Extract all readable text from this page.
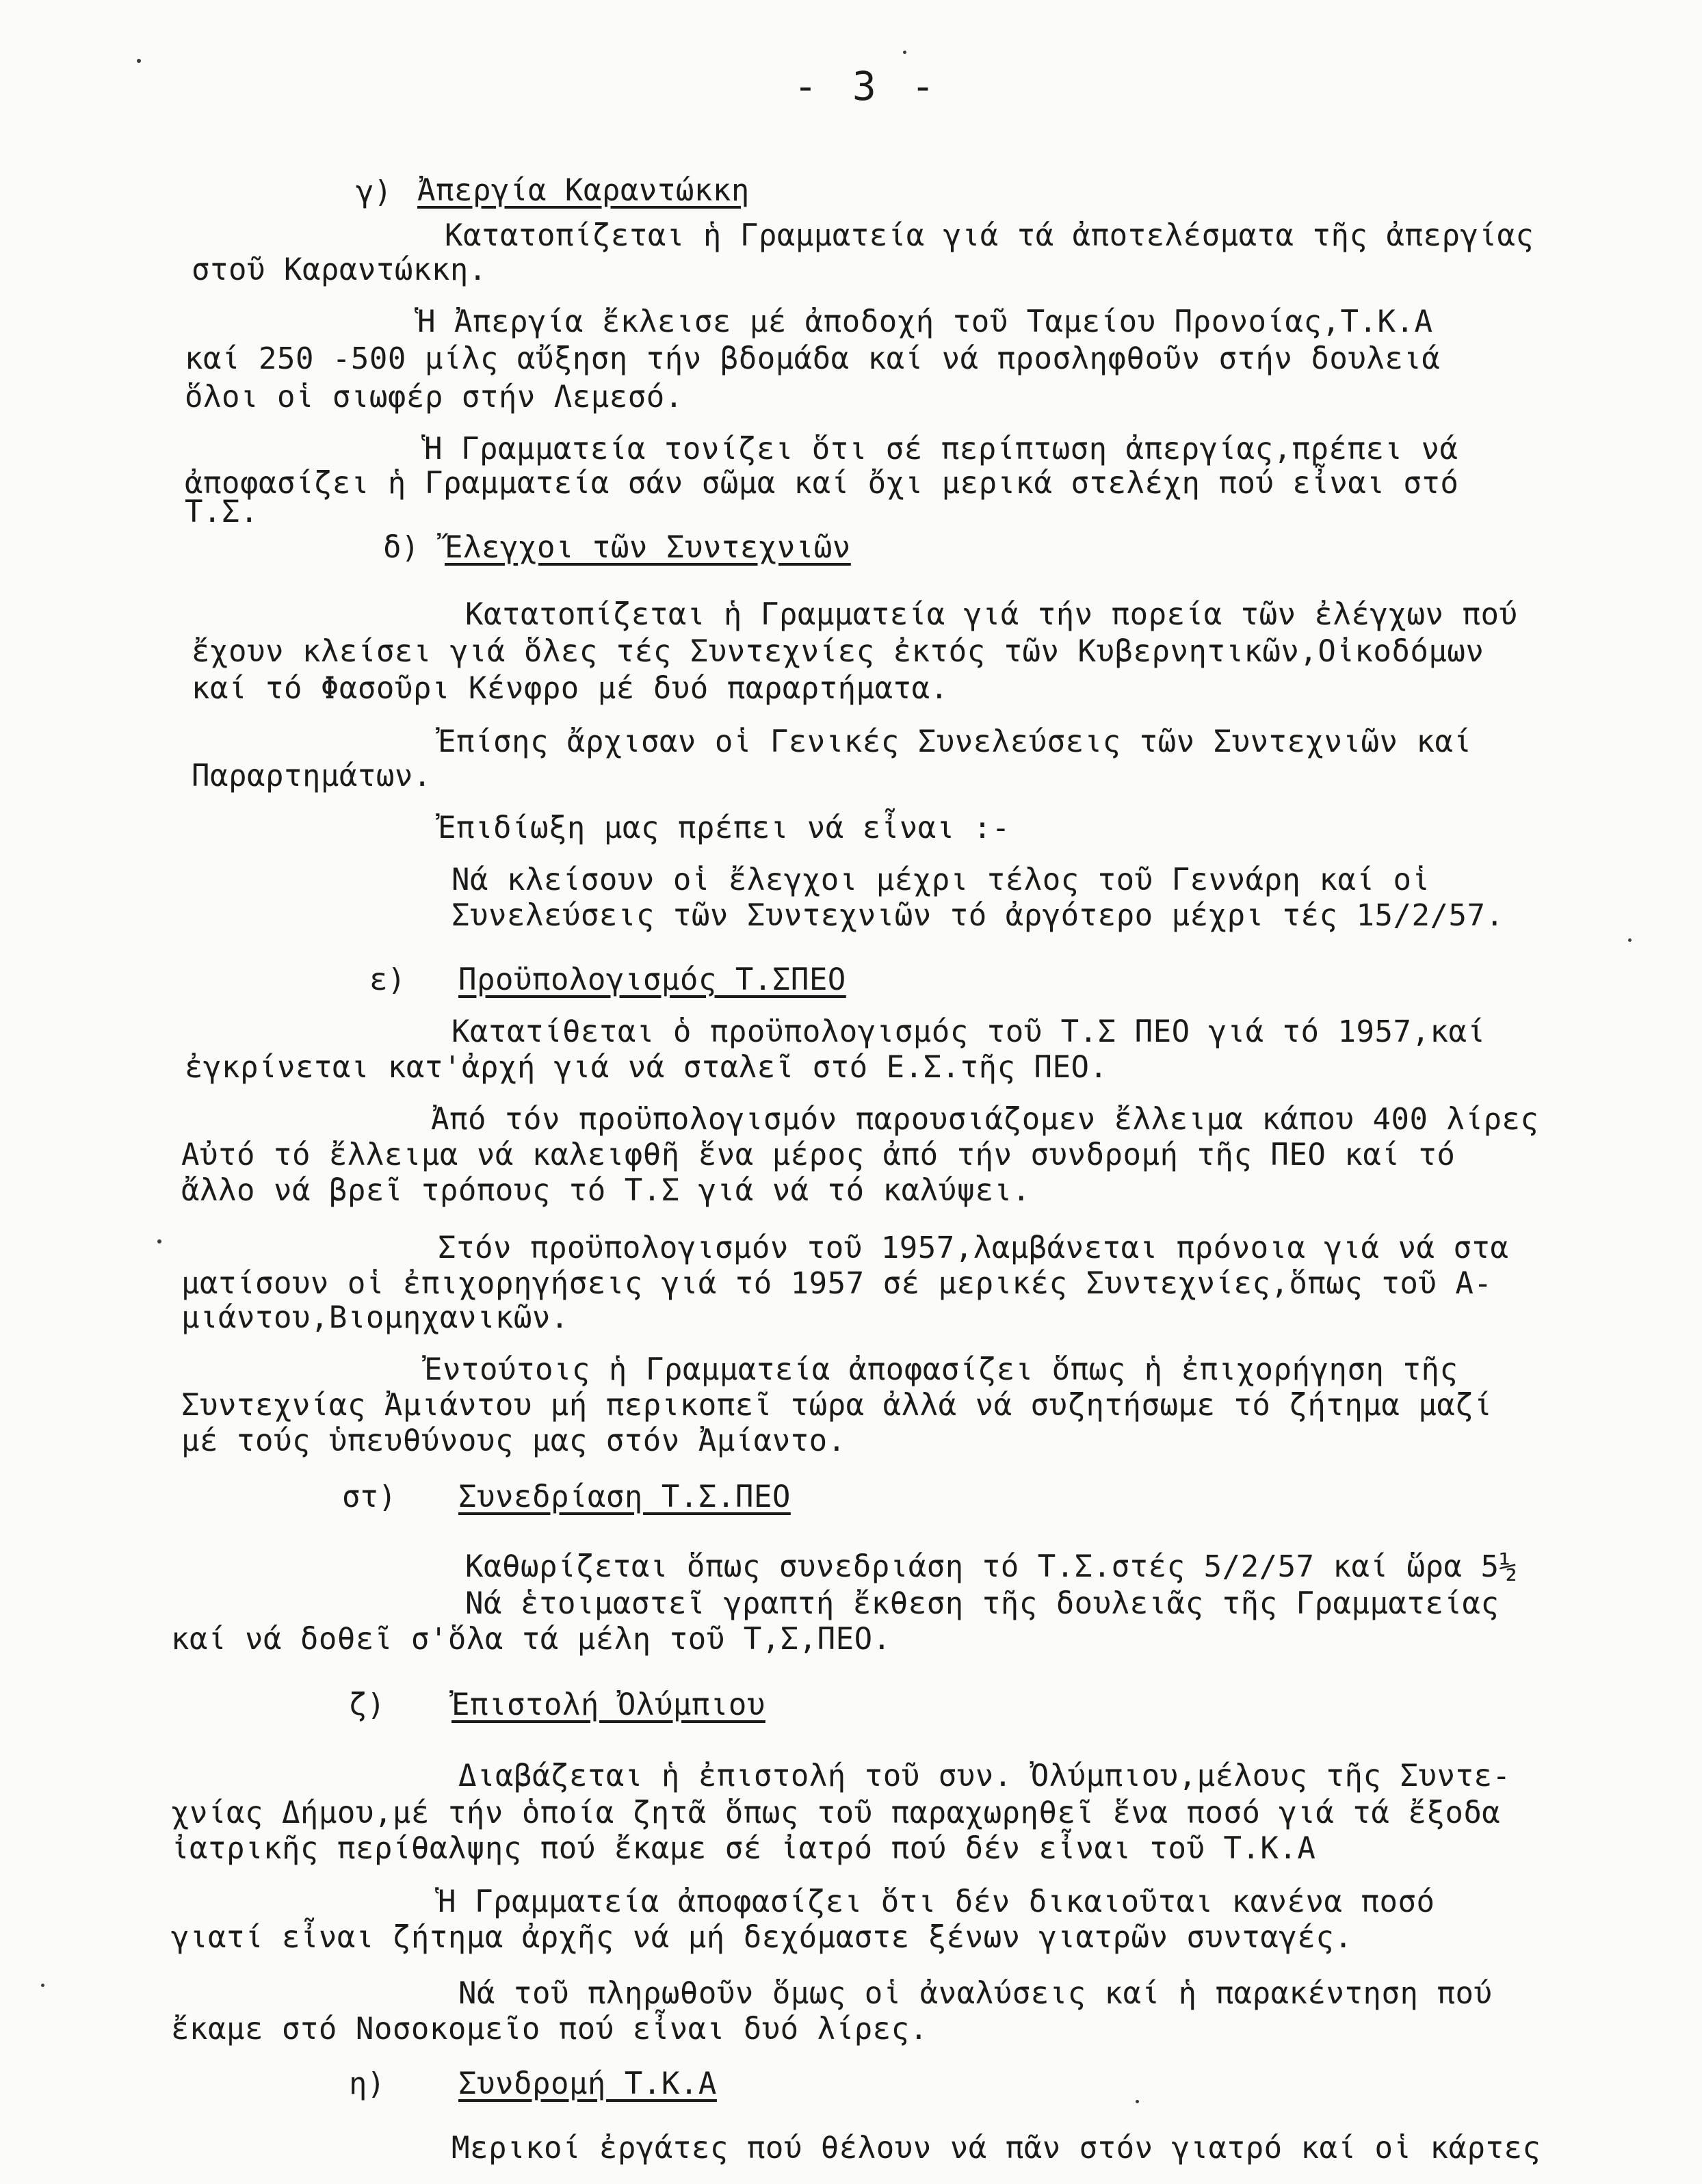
- 3 -
γ) Ἀπεργία Καραντώκκη
Κατατοπίζεται ἡ Γραμματεία γιά τά ἀποτελέσματα τῆς ἀπεργίας
στοῦ Καραντώκκη.
Ἡ Ἀπεργία ἔκλεισε μέ ἀποδοχή τοῦ Ταμείου Προνοίας,Τ.Κ.Α
καί 250 -500 μίλς αὔξηση τήν βδομάδα καί νά προσληφθοῦν στήν δουλειά
ὅλοι οἱ σιωφέρ στήν Λεμεσό.
Ἡ Γραμματεία τονίζει ὅτι σέ περίπτωση ἀπεργίας,πρέπει νά
ἀποφασίζει ἡ Γραμματεία σάν σῶμα καί ὄχι μερικά στελέχη πού εἶναι στό
Τ.Σ.
δ) Ἔλεγχοι τῶν Συντεχνιῶν
Κατατοπίζεται ἡ Γραμματεία γιά τήν πορεία τῶν ἐλέγχων πού
ἔχουν κλείσει γιά ὅλες τές Συντεχνίες ἐκτός τῶν Κυβερνητικῶν,Οἰκοδόμων
καί τό Φασοῦρι Κένφρο μέ δυό παραρτήματα.
Ἐπίσης ἄρχισαν οἱ Γενικές Συνελεύσεις τῶν Συντεχνιῶν καί
Παραρτημάτων.
Ἐπιδίωξη μας πρέπει νά εἶναι :-
Νά κλείσουν οἱ ἔλεγχοι μέχρι τέλος τοῦ Γεννάρη καί οἱ
Συνελεύσεις τῶν Συντεχνιῶν τό ἀργότερο μέχρι τές 15/2/57.
ε) Προϋπολογισμός Τ.ΣΠΕΟ
Κατατίθεται ὁ προϋπολογισμός τοῦ Τ.Σ ΠΕΟ γιά τό 1957,καί
ἐγκρίνεται κατ'ἀρχή γιά νά σταλεῖ στό Ε.Σ.τῆς ΠΕΟ.
Ἀπό τόν προϋπολογισμόν παρουσιάζομεν ἔλλειμα κάπου 400 λίρες
Αὐτό τό ἔλλειμα νά καλειφθῆ ἕνα μέρος ἀπό τήν συνδρομή τῆς ΠΕΟ καί τό
ἄλλο νά βρεῖ τρόπους τό Τ.Σ γιά νά τό καλύψει.
Στόν προϋπολογισμόν τοῦ 1957,λαμβάνεται πρόνοια γιά νά στα
ματίσουν οἱ ἐπιχορηγήσεις γιά τό 1957 σέ μερικές Συντεχνίες,ὅπως τοῦ Α-
μιάντου,Βιομηχανικῶν.
Ἐντούτοις ἡ Γραμματεία ἀποφασίζει ὅπως ἡ ἐπιχορήγηση τῆς
Συντεχνίας Ἀμιάντου μή περικοπεῖ τώρα ἀλλά νά συζητήσωμε τό ζήτημα μαζί
μέ τούς ὑπευθύνους μας στόν Ἀμίαντο.
στ) Συνεδρίαση Τ.Σ.ΠΕΟ
Καθωρίζεται ὅπως συνεδριάση τό Τ.Σ.στές 5/2/57 καί ὥρα 5½
Νά ἑτοιμαστεῖ γραπτή ἔκθεση τῆς δουλειᾶς τῆς Γραμματείας
καί νά δοθεῖ σ'ὅλα τά μέλη τοῦ Τ,Σ,ΠΕΟ.
ζ) Ἐπιστολή Ὀλύμπιου
Διαβάζεται ἡ ἐπιστολή τοῦ συν. Ὀλύμπιου,μέλους τῆς Συντε-
χνίας Δήμου,μέ τήν ὁποία ζητᾶ ὅπως τοῦ παραχωρηθεῖ ἕνα ποσό γιά τά ἔξοδα
ἰατρικῆς περίθαλψης πού ἔκαμε σέ ἰατρό πού δέν εἶναι τοῦ Τ.Κ.Α
Ἡ Γραμματεία ἀποφασίζει ὅτι δέν δικαιοῦται κανένα ποσό
γιατί εἶναι ζήτημα ἀρχῆς νά μή δεχόμαστε ξένων γιατρῶν συνταγές.
Νά τοῦ πληρωθοῦν ὅμως οἱ ἀναλύσεις καί ἡ παρακέντηση πού
ἔκαμε στό Νοσοκομεῖο πού εἶναι δυό λίρες.
η) Συνδρομή Τ.Κ.Α
Μερικοί ἐργάτες πού θέλουν νά πᾶν στόν γιατρό καί οἱ κάρτες
